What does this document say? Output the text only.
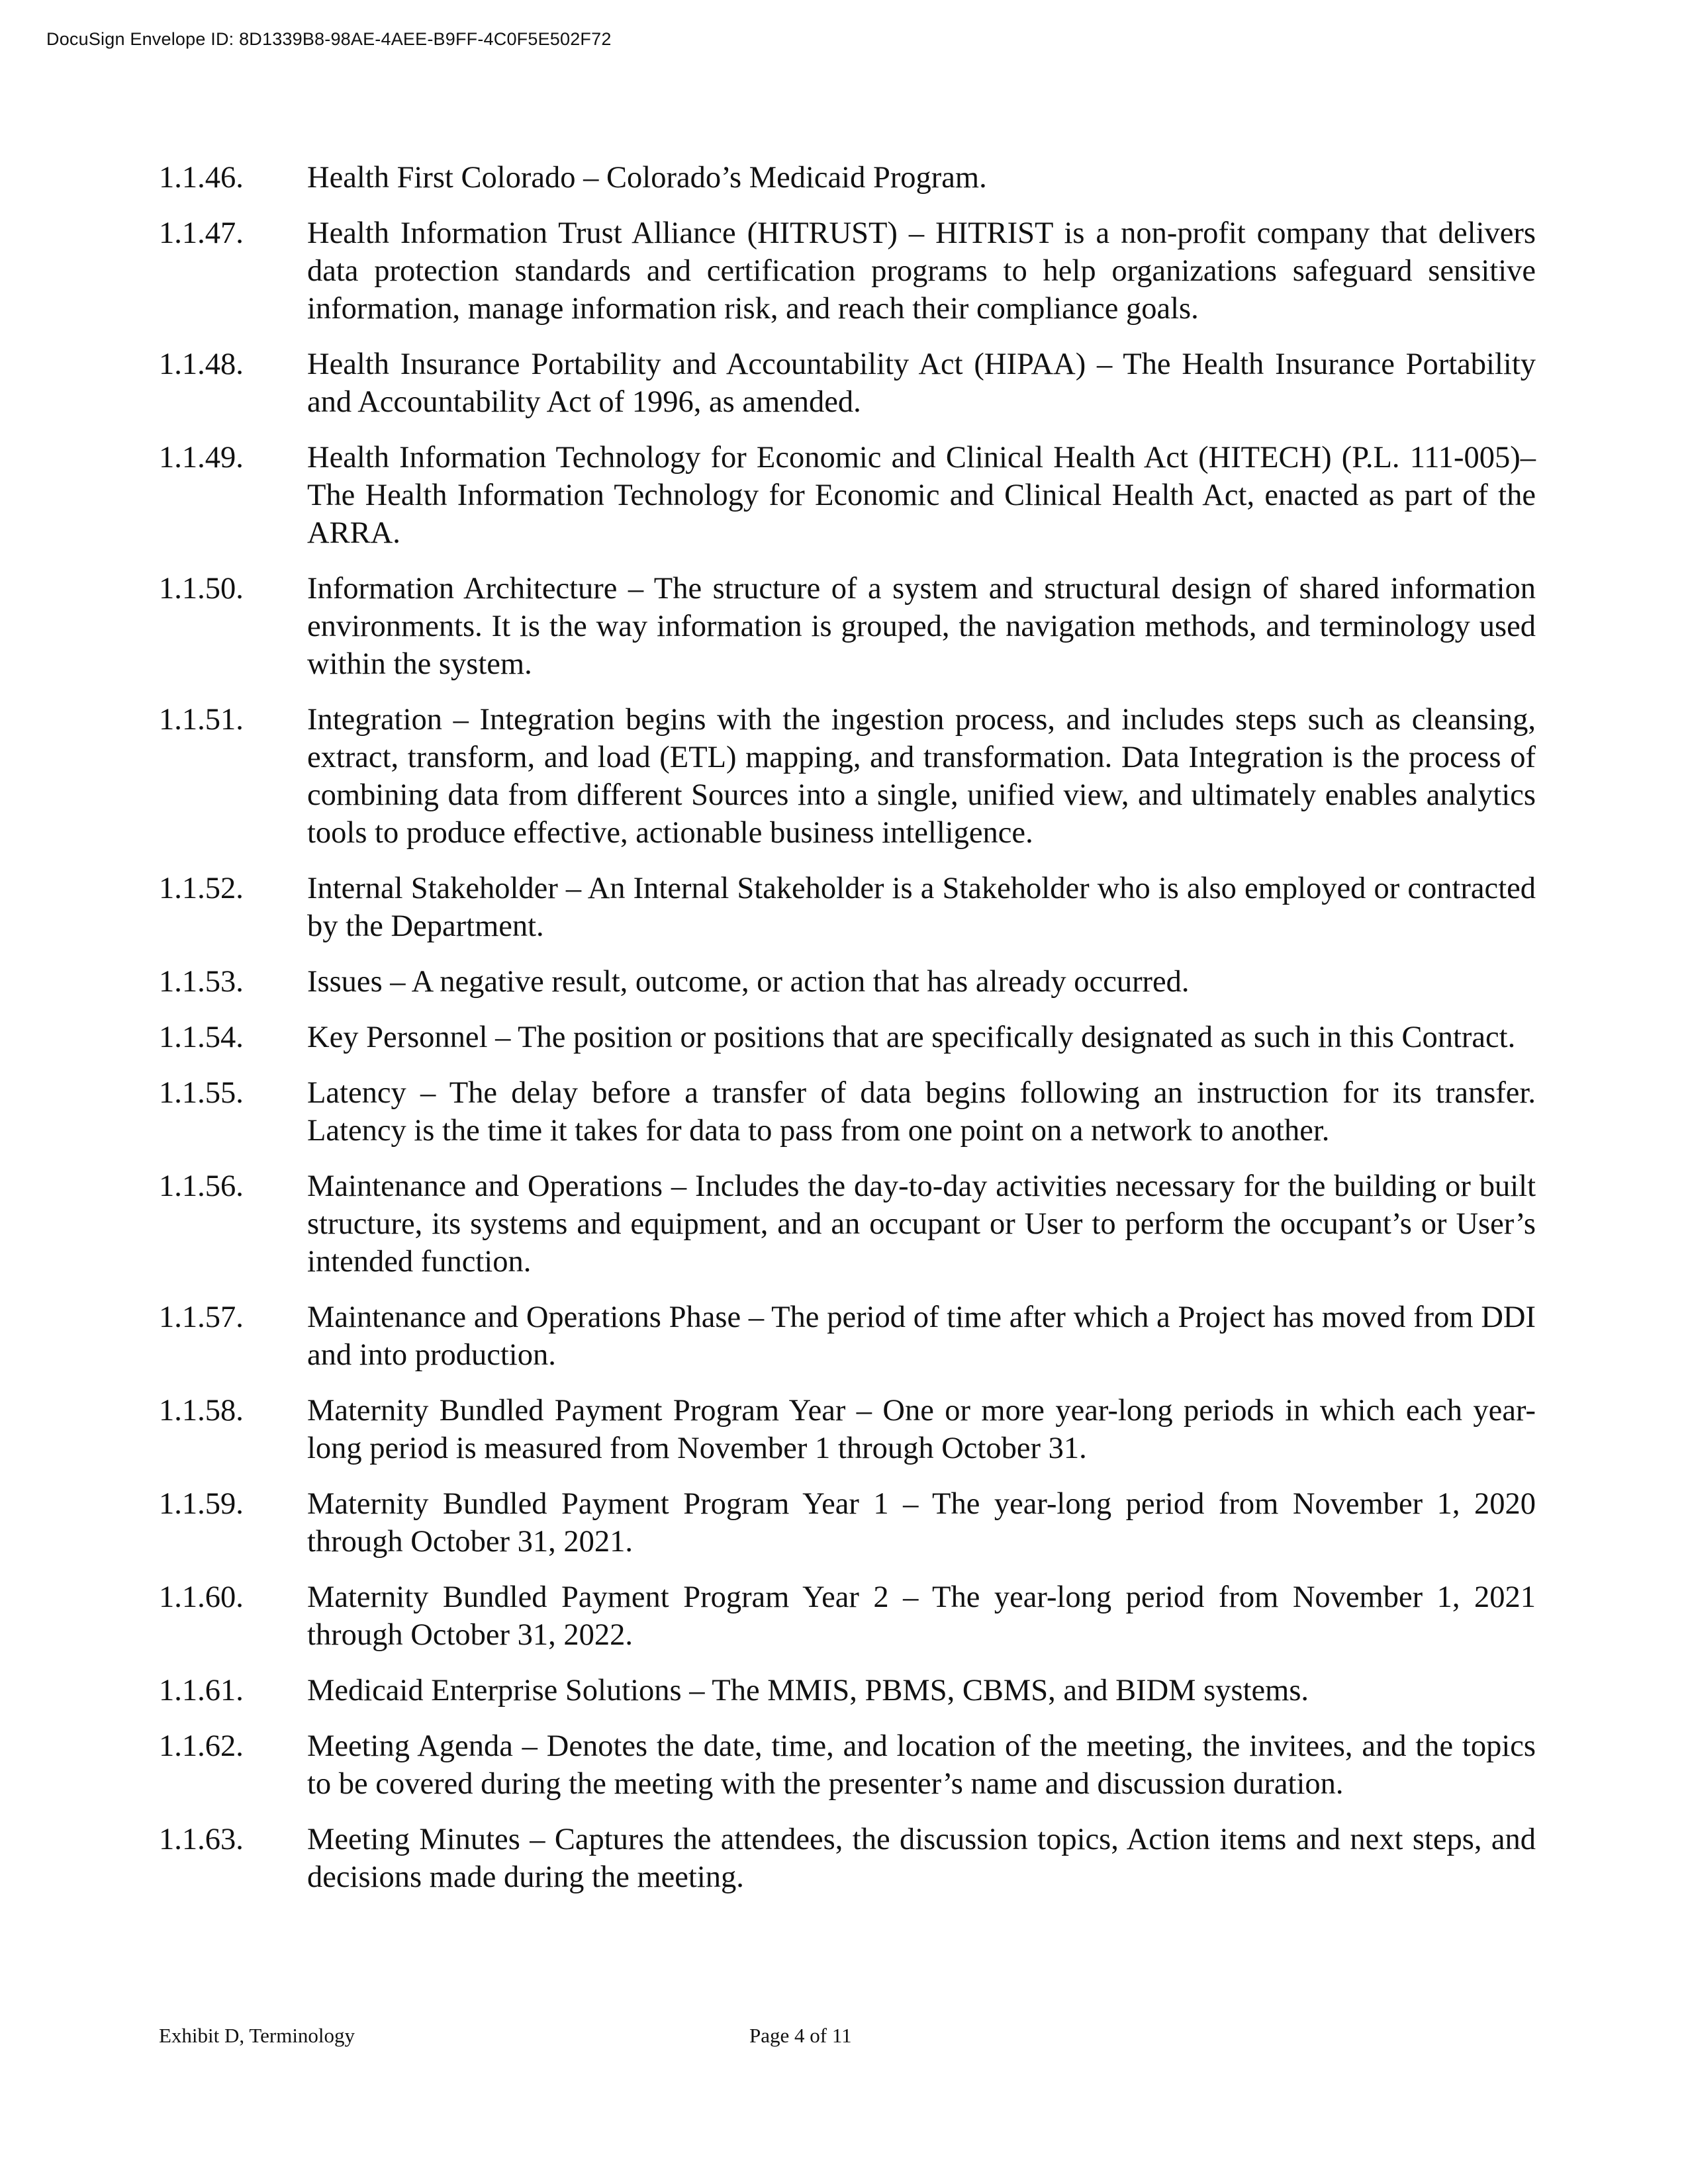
DocuSign Envelope ID: 8D1339B8-98AE-4AEE-B9FF-4C0F5E502F72
1.1.46.	Health First Colorado – Colorado’s Medicaid Program.
1.1.47.	Health Information Trust Alliance (HITRUST) – HITRIST is a non-profit company that delivers data protection standards and certification programs to help organizations safeguard sensitive information, manage information risk, and reach their compliance goals.
1.1.48.	Health Insurance Portability and Accountability Act (HIPAA) – The Health Insurance Portability and Accountability Act of 1996, as amended.
1.1.49.	Health Information Technology for Economic and Clinical Health Act (HITECH) (P.L. 111-005)– The Health Information Technology for Economic and Clinical Health Act, enacted as part of the ARRA.
1.1.50.	Information Architecture – The structure of a system and structural design of shared information environments. It is the way information is grouped, the navigation methods, and terminology used within the system.
1.1.51.	Integration – Integration begins with the ingestion process, and includes steps such as cleansing, extract, transform, and load (ETL) mapping, and transformation. Data Integration is the process of combining data from different Sources into a single, unified view, and ultimately enables analytics tools to produce effective, actionable business intelligence.
1.1.52.	Internal Stakeholder – An Internal Stakeholder is a Stakeholder who is also employed or contracted by the Department.
1.1.53.	Issues – A negative result, outcome, or action that has already occurred.
1.1.54.	Key Personnel – The position or positions that are specifically designated as such in this Contract.
1.1.55.	Latency – The delay before a transfer of data begins following an instruction for its transfer. Latency is the time it takes for data to pass from one point on a network to another.
1.1.56.	Maintenance and Operations – Includes the day-to-day activities necessary for the building or built structure, its systems and equipment, and an occupant or User to perform the occupant’s or User’s intended function.
1.1.57.	Maintenance and Operations Phase – The period of time after which a Project has moved from DDI and into production.
1.1.58.	Maternity Bundled Payment Program Year – One or more year-long periods in which each year-long period is measured from November 1 through October 31.
1.1.59.	Maternity Bundled Payment Program Year 1 – The year-long period from November 1, 2020 through October 31, 2021.
1.1.60.	Maternity Bundled Payment Program Year 2 – The year-long period from November 1, 2021 through October 31, 2022.
1.1.61.	Medicaid Enterprise Solutions – The MMIS, PBMS, CBMS, and BIDM systems.
1.1.62.	Meeting Agenda – Denotes the date, time, and location of the meeting, the invitees, and the topics to be covered during the meeting with the presenter’s name and discussion duration.
1.1.63.	Meeting Minutes – Captures the attendees, the discussion topics, Action items and next steps, and decisions made during the meeting.
Exhibit D, Terminology	Page 4 of 11
